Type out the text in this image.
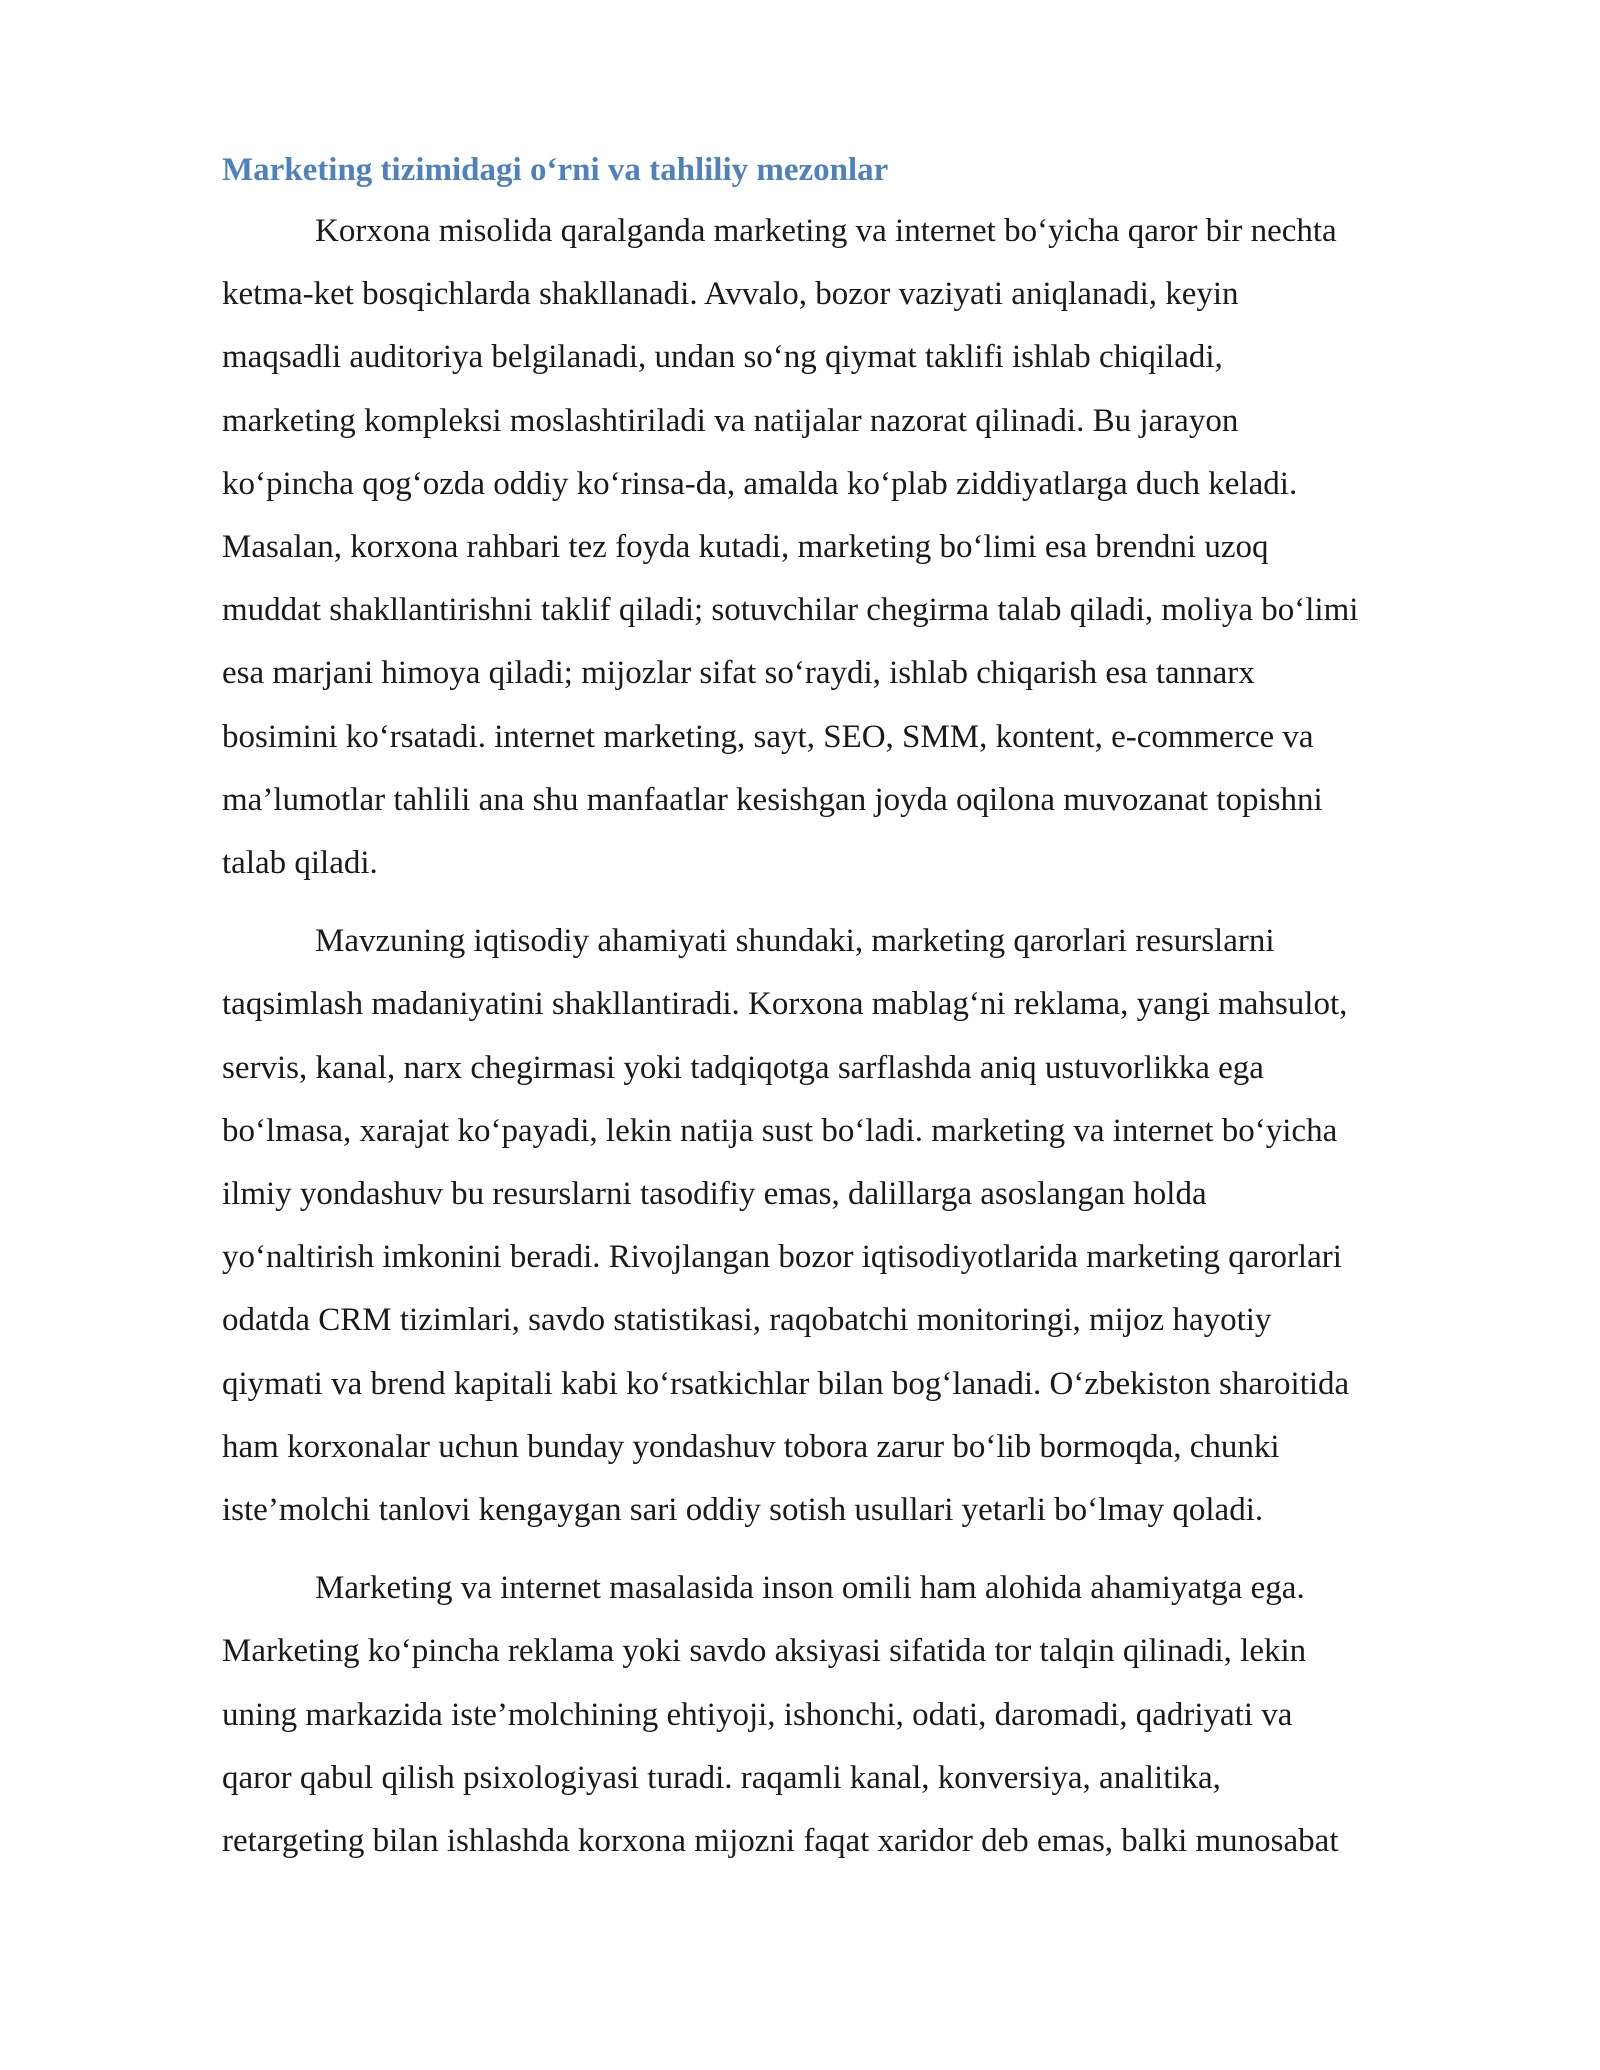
Marketing tizimidagi o‘rni va tahliliy mezonlar

Korxona misolida qaralganda marketing va internet bo‘yicha qaror bir nechta
ketma-ket bosqichlarda shakllanadi. Avvalo, bozor vaziyati aniqlanadi, keyin
maqsadli auditoriya belgilanadi, undan so‘ng qiymat taklifi ishlab chiqiladi,
marketing kompleksi moslashtiriladi va natijalar nazorat qilinadi. Bu jarayon
ko‘pincha qog‘ozda oddiy ko‘rinsa-da, amalda ko‘plab ziddiyatlarga duch keladi.
Masalan, korxona rahbari tez foyda kutadi, marketing bo‘limi esa brendni uzoq
muddat shakllantirishni taklif qiladi; sotuvchilar chegirma talab qiladi, moliya bo‘limi
esa marjani himoya qiladi; mijozlar sifat so‘raydi, ishlab chiqarish esa tannarx
bosimini ko‘rsatadi. internet marketing, sayt, SEO, SMM, kontent, e-commerce va
ma’lumotlar tahlili ana shu manfaatlar kesishgan joyda oqilona muvozanat topishni
talab qiladi.

Mavzuning iqtisodiy ahamiyati shundaki, marketing qarorlari resurslarni
taqsimlash madaniyatini shakllantiradi. Korxona mablag‘ni reklama, yangi mahsulot,
servis, kanal, narx chegirmasi yoki tadqiqotga sarflashda aniq ustuvorlikka ega
bo‘lmasa, xarajat ko‘payadi, lekin natija sust bo‘ladi. marketing va internet bo‘yicha
ilmiy yondashuv bu resurslarni tasodifiy emas, dalillarga asoslangan holda
yo‘naltirish imkonini beradi. Rivojlangan bozor iqtisodiyotlarida marketing qarorlari
odatda CRM tizimlari, savdo statistikasi, raqobatchi monitoringi, mijoz hayotiy
qiymati va brend kapitali kabi ko‘rsatkichlar bilan bog‘lanadi. O‘zbekiston sharoitida
ham korxonalar uchun bunday yondashuv tobora zarur bo‘lib bormoqda, chunki
iste’molchi tanlovi kengaygan sari oddiy sotish usullari yetarli bo‘lmay qoladi.

Marketing va internet masalasida inson omili ham alohida ahamiyatga ega.
Marketing ko‘pincha reklama yoki savdo aksiyasi sifatida tor talqin qilinadi, lekin
uning markazida iste’molchining ehtiyoji, ishonchi, odati, daromadi, qadriyati va
qaror qabul qilish psixologiyasi turadi. raqamli kanal, konversiya, analitika,
retargeting bilan ishlashda korxona mijozni faqat xaridor deb emas, balki munosabat
